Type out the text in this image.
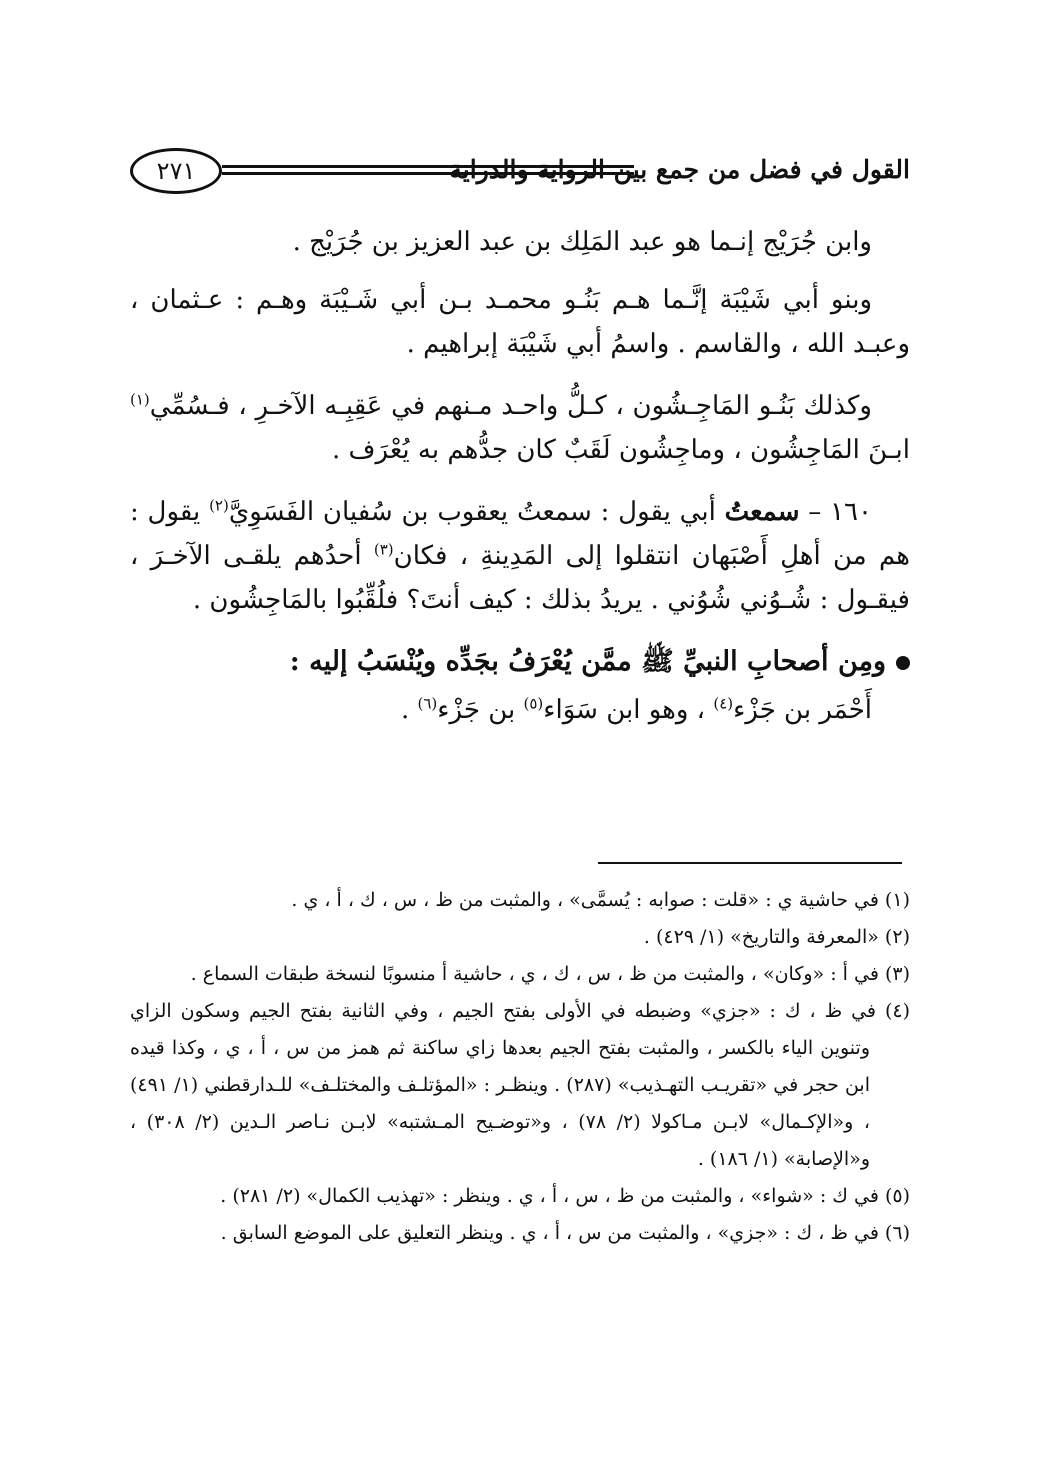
٢٧١	القول في فضل من جمع بين الرواية والدراية

وابن جُرَيْج إنـما هو عبد المَلِك بن عبد العزيز بن جُرَيْج .

وبنو أبي شَيْبَة إنَّـما هـم بَنُـو محمـد بـن أبي شَـيْبَة وهـم : عـثمان ، وعبـد الله ، والقاسم . واسمُ أبي شَيْبَة إبراهيم .

وكذلك بَنُـو المَاجِـشُون ، كـلُّ واحـد مـنهم في عَقِبِـه الآخـرِ ، فـسُمِّي$^{(١)}$ ابـنَ المَاجِشُون ، وماجِشُون لَقَبٌ كان جدُّهم به يُعْرَف .

١٦٠ – سمعتُ أبي يقول : سمعتُ يعقوب بن سُفيان الفَسَوِيَّ$^{(٢)}$ يقول : هم من أهلِ أَصْبَهان انتقلوا إلى المَدِينةِ ، فكان$^{(٣)}$ أحدُهم يلقـى الآخـرَ ، فيقـول : شُـوُني شُوُني . يريدُ بذلك : كيف أنتَ؟ فلُقِّبُوا بالمَاجِشُون .

ومِن أصحابِ النبيِّ ﷺ ممَّن يُعْرَفُ بجَدِّه ويُنْسَبُ إليه :

أَحْمَر بن جَزْء$^{(٤)}$ ، وهو ابن سَوَاء$^{(٥)}$ بن جَزْء$^{(٦)}$ .

(١) في حاشية ي : «قلت : صوابه : يُسمَّى» ، والمثبت من ظ ، س ، ك ، أ ، ي .

(٢) «المعرفة والتاريخ» (١/ ٤٢٩) .

(٣) في أ : «وكان» ، والمثبت من ظ ، س ، ك ، ي ، حاشية أ منسوبًا لنسخة طبقات السماع .

(٤) في ظ ، ك : «جزي» وضبطه في الأولى بفتح الجيم ، وفي الثانية بفتح الجيم وسكون الزاي وتنوين الياء بالكسر ، والمثبت بفتح الجيم بعدها زاي ساكنة ثم همز من س ، أ ، ي ، وكذا قيده ابن حجر في «تقريـب التهـذيب» (٢٨٧) . وينظـر : «المؤتلـف والمختلـف» للـدارقطني (١/ ٤٩١) ، و«الإكـمال» لابـن مـاكولا (٢/ ٧٨) ، و«توضـيح المـشتبه» لابـن نـاصر الـدين (٢/ ٣٠٨) ، و«الإصابة» (١/ ١٨٦) .

(٥) في ك : «شواء» ، والمثبت من ظ ، س ، أ ، ي . وينظر : «تهذيب الكمال» (٢/ ٢٨١) .

(٦) في ظ ، ك : «جزي» ، والمثبت من س ، أ ، ي . وينظر التعليق على الموضع السابق .
